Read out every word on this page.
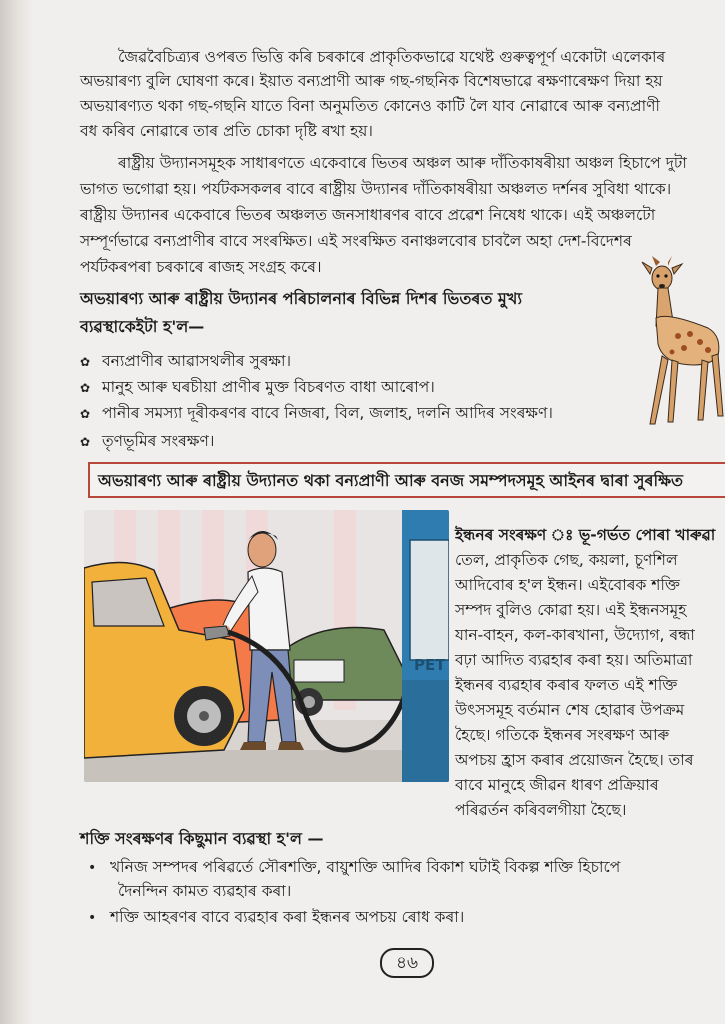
জৈৱবৈচিত্ৰ্যৰ ওপৰত ভিত্তি কৰি চৰকাৰে প্ৰাকৃতিকভাৱে যথেষ্ট গুৰুত্বপূৰ্ণ একোটা এলেকাৰ
অভয়াৰণ্য বুলি ঘোষণা কৰে। ইয়াত বন্যপ্ৰাণী আৰু গছ-গছনিক বিশেষভাৱে ৰক্ষণাৰেক্ষণ দিয়া হয়
অভয়াৰণ্যত থকা গছ-গছনি যাতে বিনা অনুমতিত কোনেও কাটি লৈ যাব নোৱাৰে আৰু বন্যপ্ৰাণী
বধ কৰিব নোৱাৰে তাৰ প্ৰতি চোকা দৃষ্টি ৰখা হয়।
ৰাষ্ট্ৰীয় উদ্যানসমূহক সাধাৰণতে একেবাৰে ভিতৰ অঞ্চল আৰু দাঁতিকাষৰীয়া অঞ্চল হিচাপে দুটা
ভাগত ভগোৱা হয়। পৰ্যটকসকলৰ বাবে ৰাষ্ট্ৰীয় উদ্যানৰ দাঁতিকাষৰীয়া অঞ্চলত দৰ্শনৰ সুবিধা থাকে।
ৰাষ্ট্ৰীয় উদ্যানৰ একেবাৰে ভিতৰ অঞ্চলত জনসাধাৰণৰ বাবে প্ৰৱেশ নিষেধ থাকে। এই অঞ্চলটো
সম্পূৰ্ণভাৱে বন্যপ্ৰাণীৰ বাবে সংৰক্ষিত। এই সংৰক্ষিত বনাঞ্চলবোৰ চাবলৈ অহা দেশ-বিদেশৰ
পৰ্যটকৰপৰা চৰকাৰে ৰাজহ সংগ্ৰহ কৰে।
অভয়াৰণ্য আৰু ৰাষ্ট্ৰীয় উদ্যানৰ পৰিচালনাৰ বিভিন্ন দিশৰ ভিতৰত মুখ্য
ব্যৱস্থাকেইটা হ'ল—
✿ বন্যপ্ৰাণীৰ আৱাসথলীৰ সুৰক্ষা।
✿ মানুহ আৰু ঘৰচীয়া প্ৰাণীৰ মুক্ত বিচৰণত বাধা আৰোপ।
✿ পানীৰ সমস্যা দূৰীকৰণৰ বাবে নিজৰা, বিল, জলাহ, দলনি আদিৰ সংৰক্ষণ।
✿ তৃণভূমিৰ সংৰক্ষণ।
অভয়াৰণ্য আৰু ৰাষ্ট্ৰীয় উদ্যানত থকা বন্যপ্ৰাণী আৰু বনজ সমম্পদসমূহ আইনৰ দ্বাৰা সুৰক্ষিত
PET
ইন্ধনৰ সংৰক্ষণ ঃ ভূ-গৰ্ভত পোৰা খাৰুৱা
তেল, প্ৰাকৃতিক গেছ, কয়লা, চূণশিল
আদিবোৰ হ'ল ইন্ধন। এইবোৰক শক্তি
সম্পদ বুলিও কোৱা হয়। এই ইন্ধনসমূহ
যান-বাহন, কল-কাৰখানা, উদ্যোগ, ৰন্ধা
বঢ়া আদিত ব্যৱহাৰ কৰা হয়। অতিমাত্ৰা
ইন্ধনৰ ব্যৱহাৰ কৰাৰ ফলত এই শক্তি
উৎসসমূহ বৰ্তমান শেষ হোৱাৰ উপক্ৰম
হৈছে। গতিকে ইন্ধনৰ সংৰক্ষণ আৰু
অপচয় হ্ৰাস কৰাৰ প্ৰয়োজন হৈছে। তাৰ
বাবে মানুহে জীৱন ধাৰণ প্ৰক্ৰিয়াৰ
পৰিৱৰ্তন কৰিবলগীয়া হৈছে।
শক্তি সংৰক্ষণৰ কিছুমান ব্যৱস্থা হ'ল —
• খনিজ সম্পদৰ পৰিৱৰ্তে সৌৰশক্তি, বায়ুশক্তি আদিৰ বিকাশ ঘটাই বিকল্প শক্তি হিচাপে
দৈনন্দিন কামত ব্যৱহাৰ কৰা।
• শক্তি আহৰণৰ বাবে ব্যৱহাৰ কৰা ইন্ধনৰ অপচয় ৰোধ কৰা।
৪৬
